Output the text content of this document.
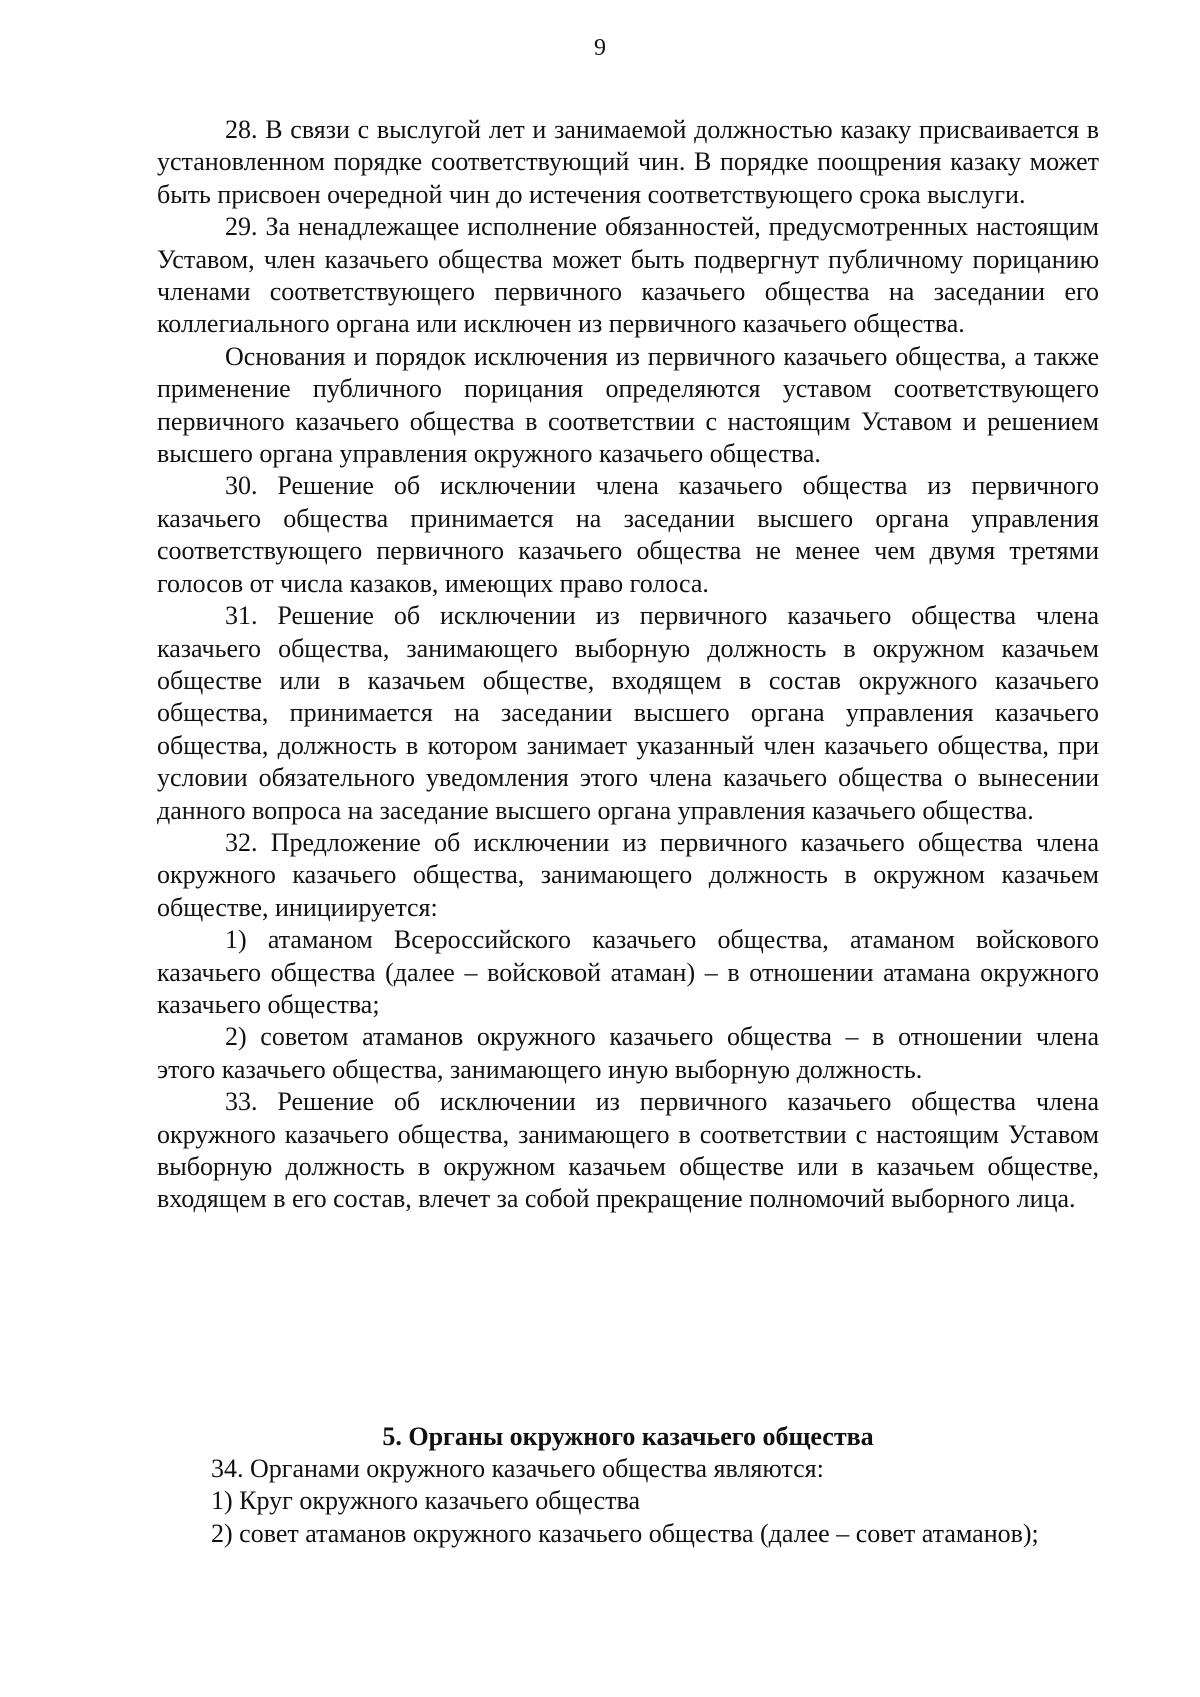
9

28. В связи с выслугой лет и занимаемой должностью казаку присваивается в установленном порядке соответствующий чин. В порядке поощрения казаку может быть присвоен очередной чин до истечения соответствующего срока выслуги.

29. За ненадлежащее исполнение обязанностей, предусмотренных настоящим Уставом, член казачьего общества может быть подвергнут публичному порицанию членами соответствующего первичного казачьего общества на заседании его коллегиального органа или исключен из первичного казачьего общества.

Основания и порядок исключения из первичного казачьего общества, а также применение публичного порицания определяются уставом соответствующего первичного казачьего общества в соответствии с настоящим Уставом и решением высшего органа управления окружного казачьего общества.

30. Решение об исключении члена казачьего общества из первичного казачьего общества принимается на заседании высшего органа управления соответствующего первичного казачьего общества не менее чем двумя третями голосов от числа казаков, имеющих право голоса.

31. Решение об исключении из первичного казачьего общества члена казачьего общества, занимающего выборную должность в окружном казачьем обществе или в казачьем обществе, входящем в состав окружного казачьего общества, принимается на заседании высшего органа управления казачьего общества, должность в котором занимает указанный член казачьего общества, при условии обязательного уведомления этого члена казачьего общества о вынесении данного вопроса на заседание высшего органа управления казачьего общества.

32. Предложение об исключении из первичного казачьего общества члена окружного казачьего общества, занимающего должность в окружном казачьем обществе, инициируется:

1) атаманом Всероссийского казачьего общества, атаманом войскового казачьего общества (далее – войсковой атаман) – в отношении атамана окружного казачьего общества;

2) советом атаманов окружного казачьего общества – в отношении члена этого казачьего общества, занимающего иную выборную должность.

33. Решение об исключении из первичного казачьего общества члена окружного казачьего общества, занимающего в соответствии с настоящим Уставом выборную должность в окружном казачьем обществе или в казачьем обществе, входящем в его состав, влечет за собой прекращение полномочий выборного лица.

5. Органы окружного казачьего общества

34. Органами окружного казачьего общества являются:

1) Круг окружного казачьего общества

2) совет атаманов окружного казачьего общества (далее – совет атаманов);
